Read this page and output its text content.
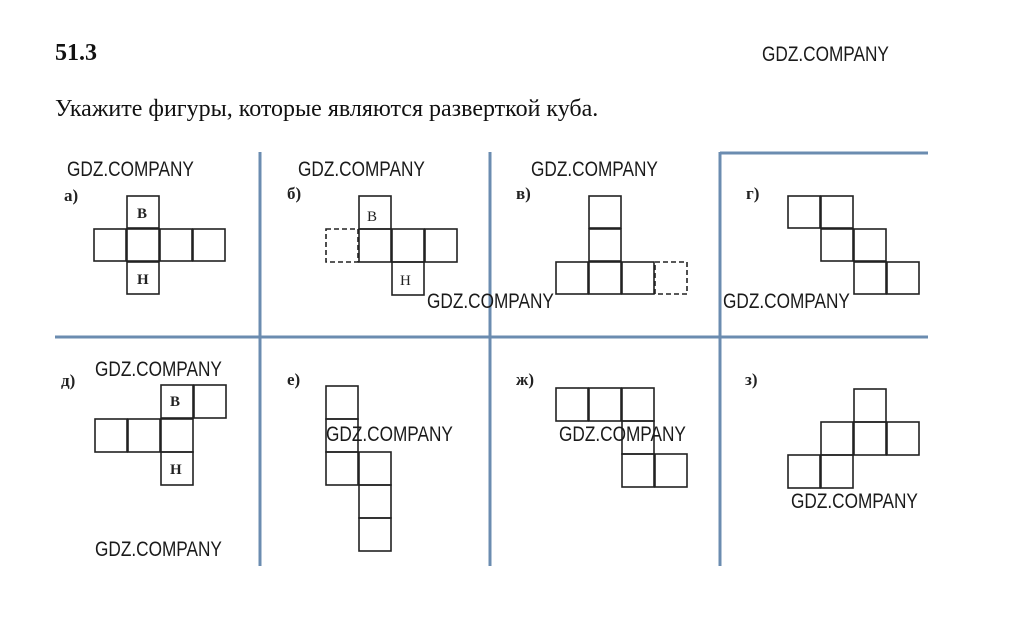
51.3
Укажите фигуры, которые являются разверткой куба.
а)	б)	в)	г)
д)	е)	ж)	з)
В
Н
В
Н
В
Н
GDZ.COMPANY
GDZ.COMPANY	GDZ.COMPANY	GDZ.COMPANY
GDZ.COMPANY	GDZ.COMPANY
GDZ.COMPANY
GDZ.COMPANY	GDZ.COMPANY
GDZ.COMPANY
GDZ.COMPANY
